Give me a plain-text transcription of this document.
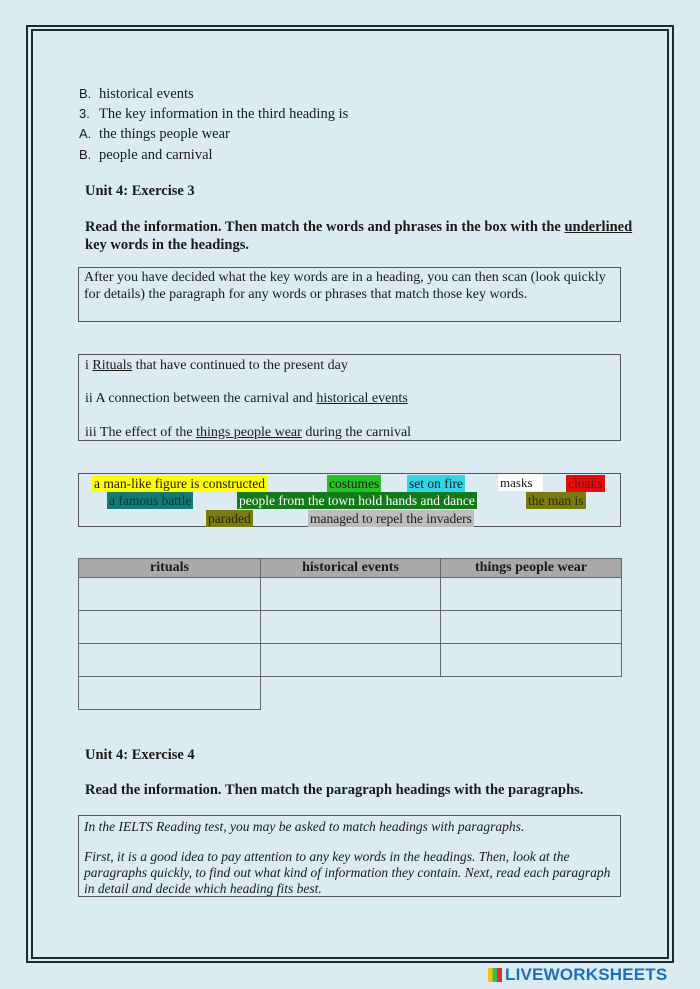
B. historical events
3. The key information in the third heading is
A. the things people wear
B. people and carnival
Unit 4: Exercise 3
Read the information. Then match the words and phrases in the box with the underlined key words in the headings.

After you have decided what the key words are in a heading, you can then scan (look quickly for details) the paragraph for any words or phrases that match those key words.

i Rituals that have continued to the present day
ii A connection between the carnival and historical events
iii The effect of the things people wear during the carnival
a man-like figure is constructed	costumes set on fire	masks	cloaks
a famous battle	people from the town hold hands and dance	the man is
paraded	managed to repel the invaders
rituals	historical events	things people wear

Unit 4: Exercise 4
Read the information. Then match the paragraph headings with the paragraphs.

In the IELTS Reading test, you may be asked to match headings with paragraphs.

First, it is a good idea to pay attention to any key words in the headings. Then, look at the paragraphs quickly, to find out what kind of information they contain. Next, read each paragraph in detail and decide which heading fits best.

LIVEWORKSHEETS
